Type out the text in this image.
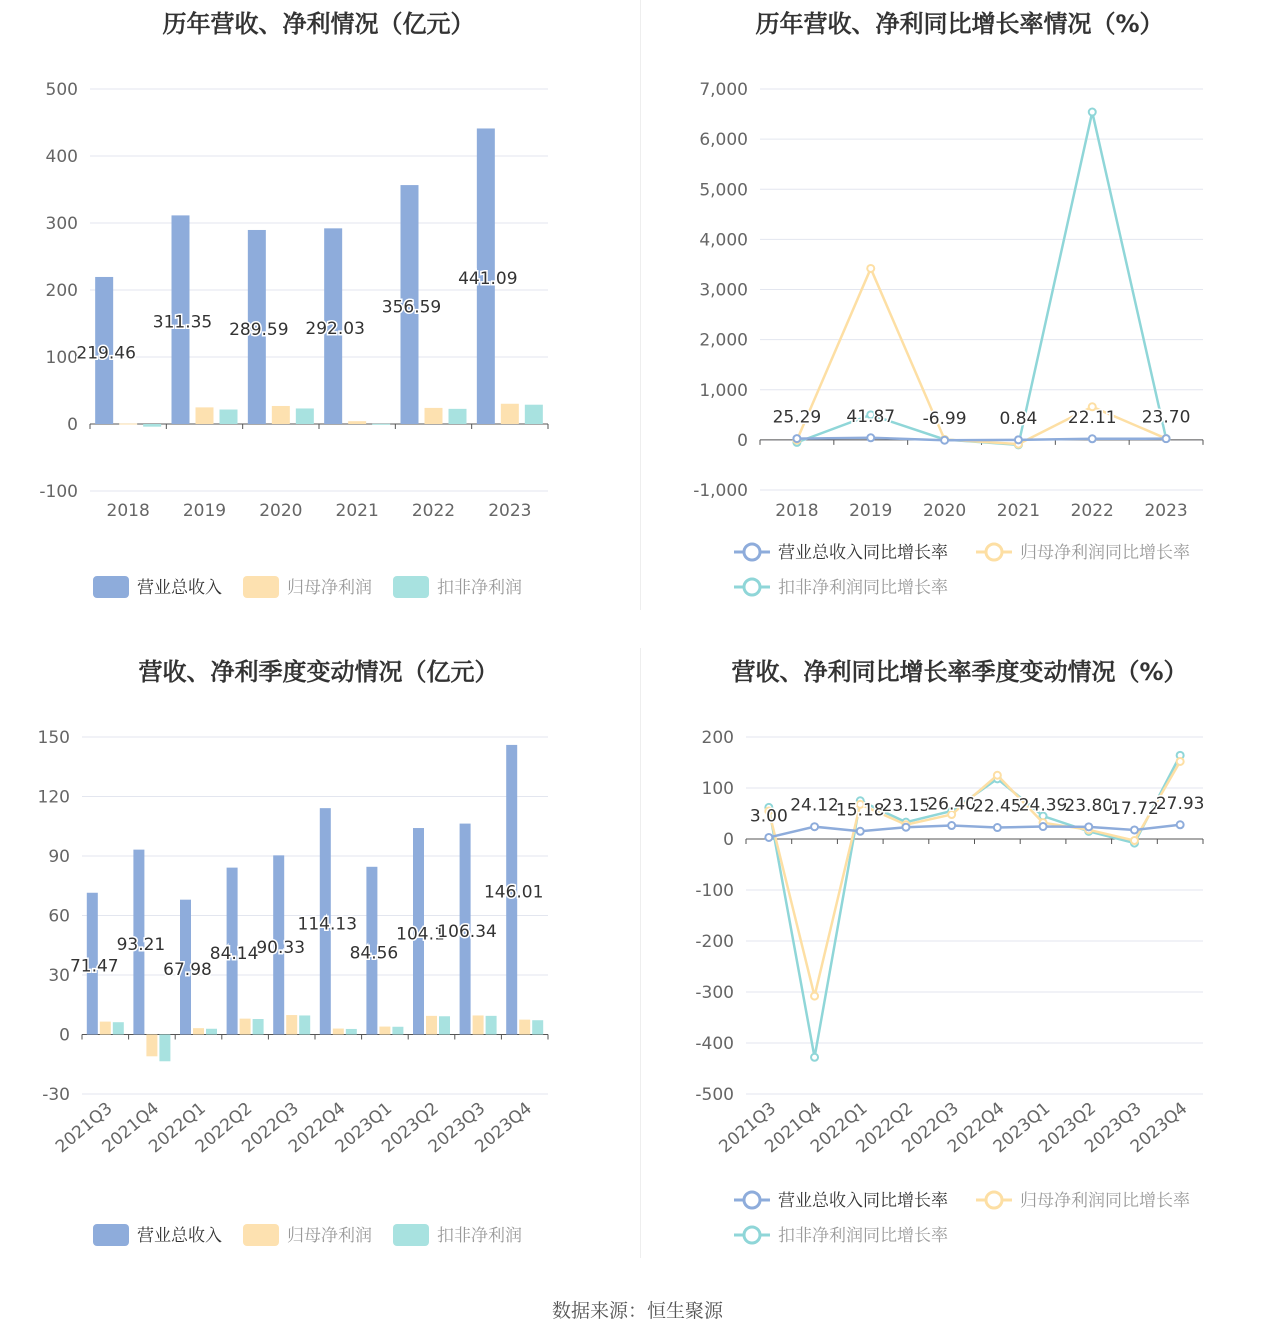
历年营收、净利情况（亿元）
500
400
300
200
100
0
-100
2018 2019 2020 2021 2022 2023
219.46
311.35 289.59 292.03
356.59
441.09
营业总收入	归母净利润	扣非净利润
历年营收、净利同比增长率情况（%）
7,000
6,000
5,000
4,000
3,000
2,000
1,000
0
-1,000
2018 2019 2020 2021 2022 2023
25.29 41.87 -6.99 0.84 22.11 23.70
营业总收入同比增长率	归母净利润同比增长率
扣非净利润同比增长率
营收、净利季度变动情况（亿元）
150
120
90
60
30
0
-30
2021Q3
2021Q4
2022Q1
2022Q2
2022Q3
2022Q4
2023Q1
2023Q2
2023Q3
2023Q4
71.47
93.21
67.98
84.14
90.33
114.13
84.56
104.1
106.34
146.01
营业总收入	归母净利润	扣非净利润
营收、净利同比增长率季度变动情况（%）
200
100
0
-100
-200
-300
-400
-500
2021Q3
2021Q4
2022Q1
2022Q2
2022Q3
2022Q4
2023Q1
2023Q2
2023Q3
2023Q4
3.00
24.12
15.18
23.15
26.40
22.45
24.39
23.80
17.72
27.93
营业总收入同比增长率	归母净利润同比增长率
扣非净利润同比增长率
数据来源：恒生聚源
